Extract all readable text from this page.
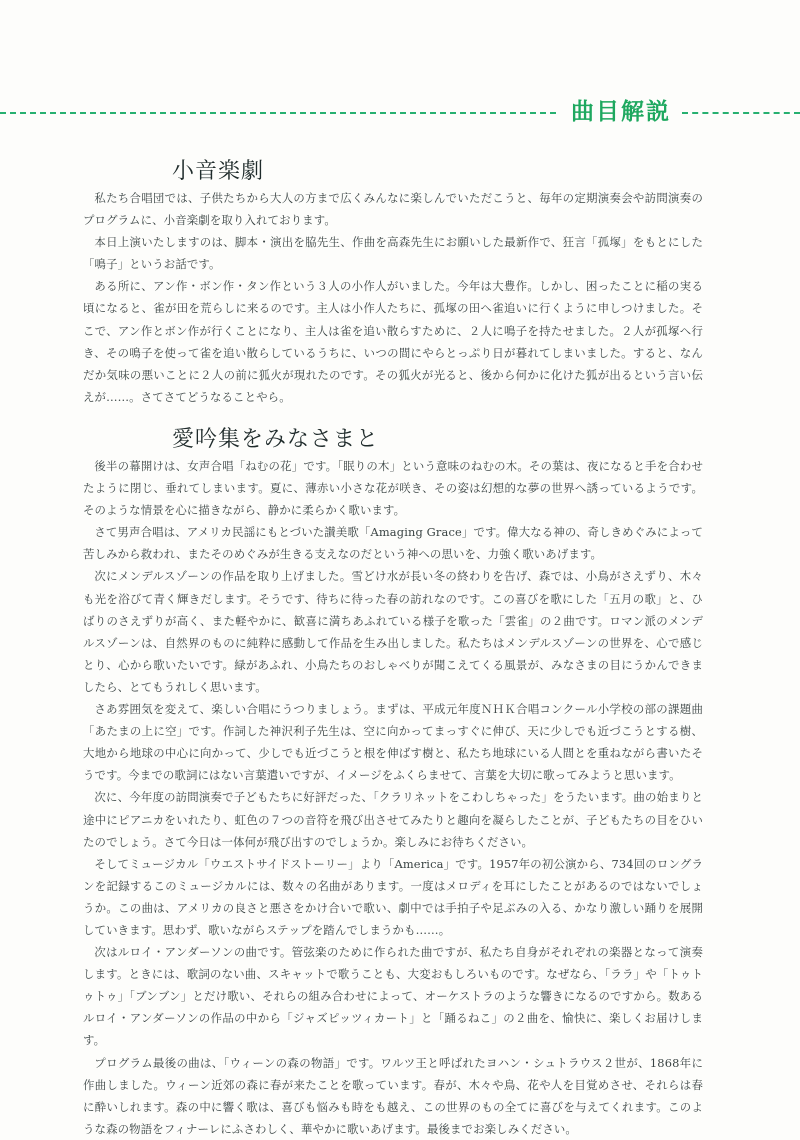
曲目解説
小音楽劇

私たち合唱団では、子供たちから大人の方まで広くみんなに楽しんでいただこうと、毎年の定期演奏会や訪問演奏のプログラムに、小音楽劇を取り入れております。

本日上演いたしますのは、脚本・演出を脇先生、作曲を高森先生にお願いした最新作で、狂言「孤塚」をもとにした「鳴子」というお話です。

ある所に、アン作・ボン作・タン作という３人の小作人がいました。今年は大豊作。しかし、困ったことに稲の実る頃になると、雀が田を荒らしに来るのです。主人は小作人たちに、孤塚の田へ雀追いに行くように申しつけました。そこで、アン作とボン作が行くことになり、主人は雀を追い散らすために、２人に鳴子を持たせました。２人が孤塚へ行き、その鳴子を使って雀を追い散らしているうちに、いつの間にやらとっぷり日が暮れてしまいました。すると、なんだか気味の悪いことに２人の前に狐火が現れたのです。その狐火が光ると、後から何かに化けた狐が出るという言い伝えが……。さてさてどうなることやら。

愛吟集をみなさまと

後半の幕開けは、女声合唱「ねむの花」です。「眠りの木」という意味のねむの木。その葉は、夜になると手を合わせたように閉じ、垂れてしまいます。夏に、薄赤い小さな花が咲き、その姿は幻想的な夢の世界へ誘っているようです。そのような情景を心に描きながら、静かに柔らかく歌います。

さて男声合唱は、アメリカ民謡にもとづいた讃美歌「Amaging Grace」です。偉大なる神の、奇しきめぐみによって苦しみから救われ、またそのめぐみが生きる支えなのだという神への思いを、力強く歌いあげます。

次にメンデルスゾーンの作品を取り上げました。雪どけ水が長い冬の終わりを告げ、森では、小鳥がさえずり、木々も光を浴びて青く輝きだします。そうです、待ちに待った春の訪れなのです。この喜びを歌にした「五月の歌」と、ひばりのさえずりが高く、また軽やかに、歓喜に満ちあふれている様子を歌った「雲雀」の２曲です。ロマン派のメンデルスゾーンは、自然界のものに純粋に感動して作品を生み出しました。私たちはメンデルスゾーンの世界を、心で感じとり、心から歌いたいです。緑があふれ、小鳥たちのおしゃべりが聞こえてくる風景が、みなさまの目にうかんできましたら、とてもうれしく思います。

さあ雰囲気を変えて、楽しい合唱にうつりましょう。まずは、平成元年度ＮＨＫ合唱コンクール小学校の部の課題曲「あたまの上に空」です。作詞した神沢利子先生は、空に向かってまっすぐに伸び、天に少しでも近づこうとする樹、大地から地球の中心に向かって、少しでも近づこうと根を伸ばす樹と、私たち地球にいる人間とを重ねながら書いたそうです。今までの歌詞にはない言葉遣いですが、イメージをふくらませて、言葉を大切に歌ってみようと思います。

次に、今年度の訪問演奏で子どもたちに好評だった、「クラリネットをこわしちゃった」をうたいます。曲の始まりと途中にピアニカをいれたり、虹色の７つの音符を飛び出させてみたりと趣向を凝らしたことが、子どもたちの目をひいたのでしょう。さて今日は一体何が飛び出すのでしょうか。楽しみにお待ちください。

そしてミュージカル「ウエストサイドストーリー」より「America」です。1957年の初公演から、734回のロングランを記録するこのミュージカルには、数々の名曲があります。一度はメロディを耳にしたことがあるのではないでしょうか。この曲は、アメリカの良さと悪さをかけ合いで歌い、劇中では手拍子や足ぶみの入る、かなり激しい踊りを展開していきます。思わず、歌いながらステップを踏んでしまうかも……。

次はルロイ・アンダーソンの曲です。管弦楽のために作られた曲ですが、私たち自身がそれぞれの楽器となって演奏します。ときには、歌詞のない曲、スキャットで歌うことも、大変おもしろいものです。なぜなら、「ララ」や「トゥトゥトゥ」「ブンブン」とだけ歌い、それらの組み合わせによって、オーケストラのような響きになるのですから。数あるルロイ・アンダーソンの作品の中から「ジャズピッツィカート」と「踊るねこ」の２曲を、愉快に、楽しくお届けします。

プログラム最後の曲は、「ウィーンの森の物語」です。ワルツ王と呼ばれたヨハン・シュトラウス２世が、1868年に作曲しました。ウィーン近郊の森に春が来たことを歌っています。春が、木々や鳥、花や人を目覚めさせ、それらは春に酔いしれます。森の中に響く歌は、喜びも悩みも時をも越え、この世界のもの全てに喜びを与えてくれます。このような森の物語をフィナーレにふさわしく、華やかに歌いあげます。最後までお楽しみください。
